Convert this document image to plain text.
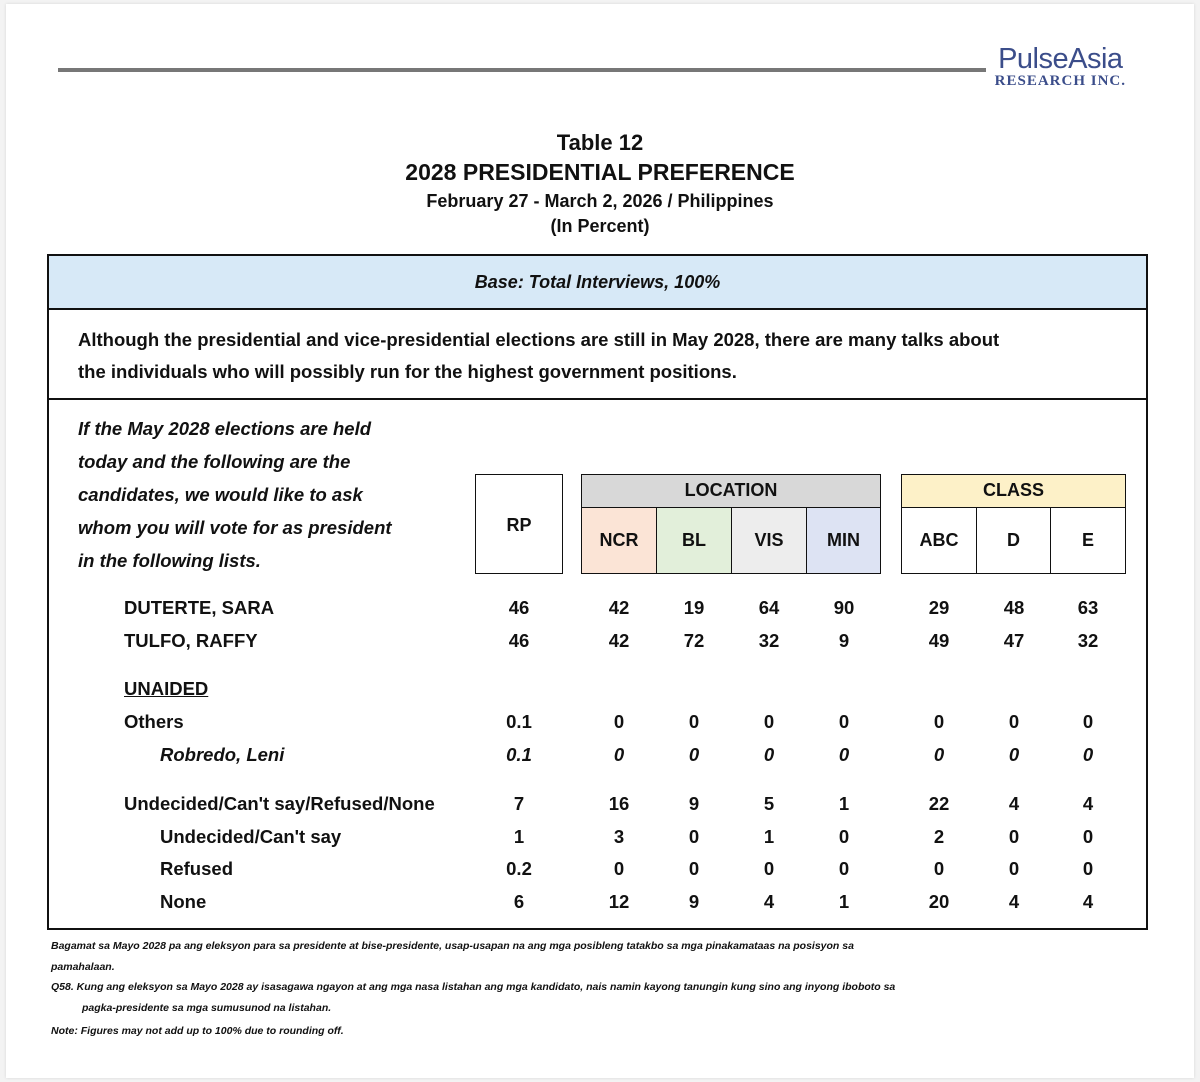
PulseAsia
RESEARCH INC.
Table 12
2028 PRESIDENTIAL PREFERENCE
February 27 - March 2, 2026 / Philippines
(In Percent)
Base: Total Interviews, 100%
Although the presidential and vice-presidential elections are still in May 2028, there are many talks about
the individuals who will possibly run for the highest government positions.
If the May 2028 elections are held
today and the following are the
candidates, we would like to ask
whom you will vote for as president
in the following lists.
RP
LOCATION	CLASS
NCR	BL	VIS	MIN	ABC	D	E
DUTERTE, SARA	46	42	19	64	90	29	48	63
TULFO, RAFFY	46	42	72	32	9	49	47	32
UNAIDED
Others	0.1	0	0	0	0	0	0	0
Robredo, Leni	0.1	0	0	0	0	0	0	0
Undecided/Can't say/Refused/None	7	16	9	5	1	22	4	4
Undecided/Can't say	1	3	0	1	0	2	0	0
Refused	0.2	0	0	0	0	0	0	0
None	6	12	9	4	1	20	4	4
Bagamat sa Mayo 2028 pa ang eleksyon para sa presidente at bise-presidente, usap-usapan na ang mga posibleng tatakbo sa mga pinakamataas na posisyon sa
pamahalaan.
Q58. Kung ang eleksyon sa Mayo 2028 ay isasagawa ngayon at ang mga nasa listahan ang mga kandidato, nais namin kayong tanungin kung sino ang inyong iboboto sa
pagka-presidente sa mga sumusunod na listahan.
Note: Figures may not add up to 100% due to rounding off.
